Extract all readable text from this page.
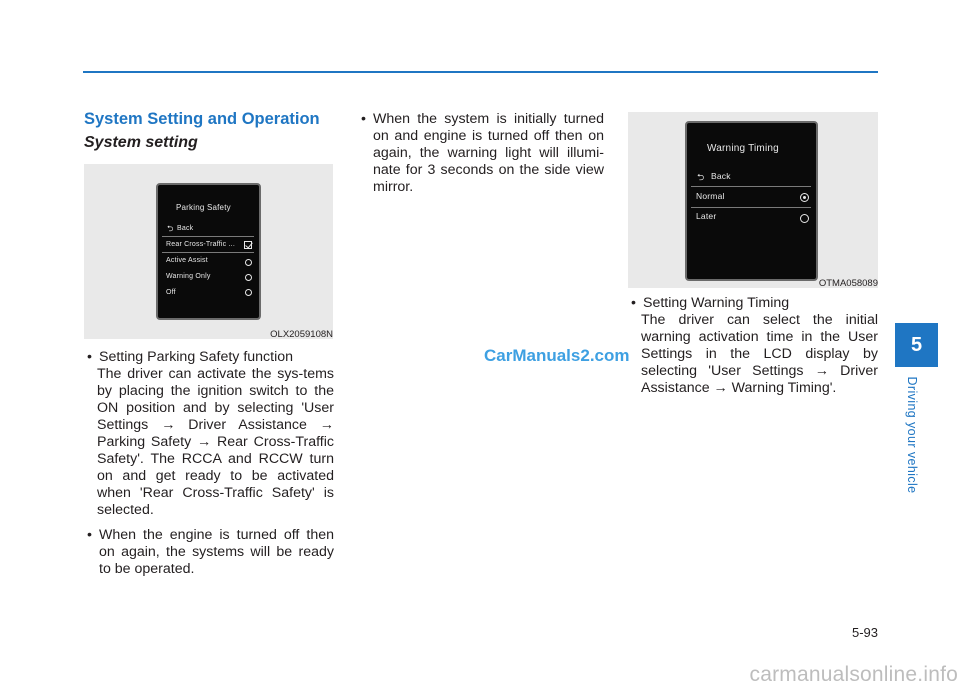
System Setting and Operation
System setting
Parking Safety
⮌ Back
Rear Cross-Traffic ...
Active Assist
Warning Only
Off
OLX2059108N
Warning Timing
⮌ Back
Normal
Later
OTMA058089
• Setting Parking Safety function
The driver can activate the sys-tems by placing the ignition switch to the ON position and by selecting 'User Settings → Driver Assistance → Parking Safety → Rear Cross-Traffic Safety'. The RCCA and RCCW turn on and get ready to be activated when 'Rear Cross-Traffic Safety' is selected.
• When the engine is turned off then on again, the systems will be ready to be operated.
• When the system is initially turned on and engine is turned off then on again, the warning light will illumi-nate for 3 seconds on the side view mirror.
• Setting Warning Timing
The driver can select the initial warning activation time in the User Settings in the LCD display by selecting 'User Settings → Driver Assistance → Warning Timing'.
CarManuals2.com	5
Driving your vehicle
5-93
carmanualsonline.info
